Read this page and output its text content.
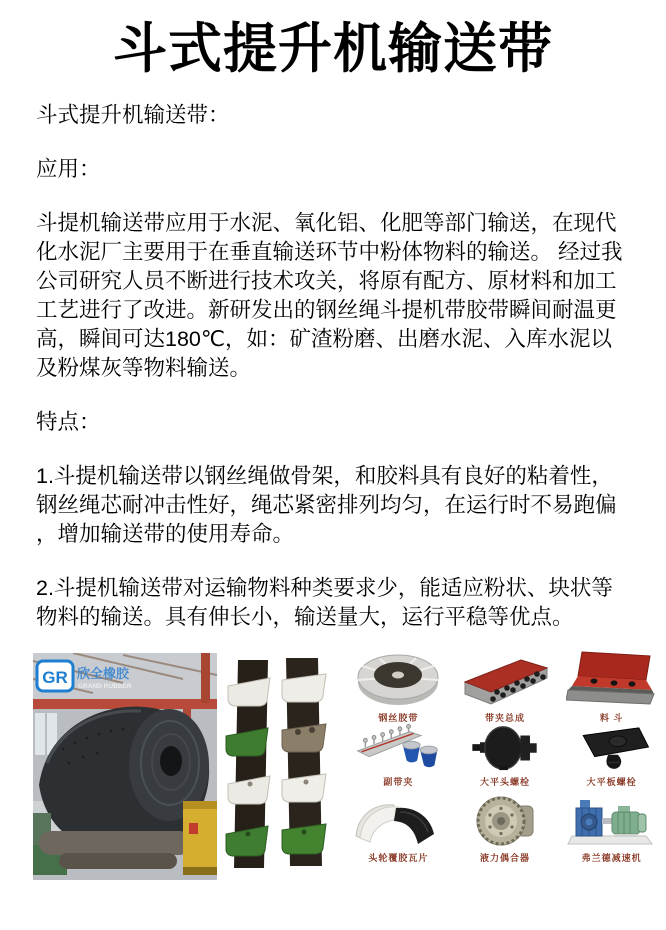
斗式提升机输送带

斗式提升机输送带：

应用：

斗提机输送带应用于水泥、氧化铝、化肥等部门输送，在现代化水泥厂主要用于在垂直输送环节中粉体物料的输送。 经过我公司研究人员不断进行技术攻关，将原有配方、原材料和加工工艺进行了改进。新研发出的钢丝绳斗提机带胶带瞬间耐温更高，瞬间可达180℃，如：矿渣粉磨、出磨水泥、入库水泥以及粉煤灰等物料输送。

特点：

1.斗提机输送带以钢丝绳做骨架，和胶料具有良好的粘着性，钢丝绳芯耐冲击性好，绳芯紧密排列均匀，在运行时不易跑偏，增加输送带的使用寿命。

2.斗提机输送带对运输物料种类要求少，能适应粉状、块状等物料的输送。具有伸长小，输送量大，运行平稳等优点。

GR 欣全橡胶
GRAND RUBBER
钢丝胶带	带夹总成	料 斗
副带夹	大平头螺栓	大平板螺栓
头轮覆胶瓦片	液力偶合器	弗兰德减速机
